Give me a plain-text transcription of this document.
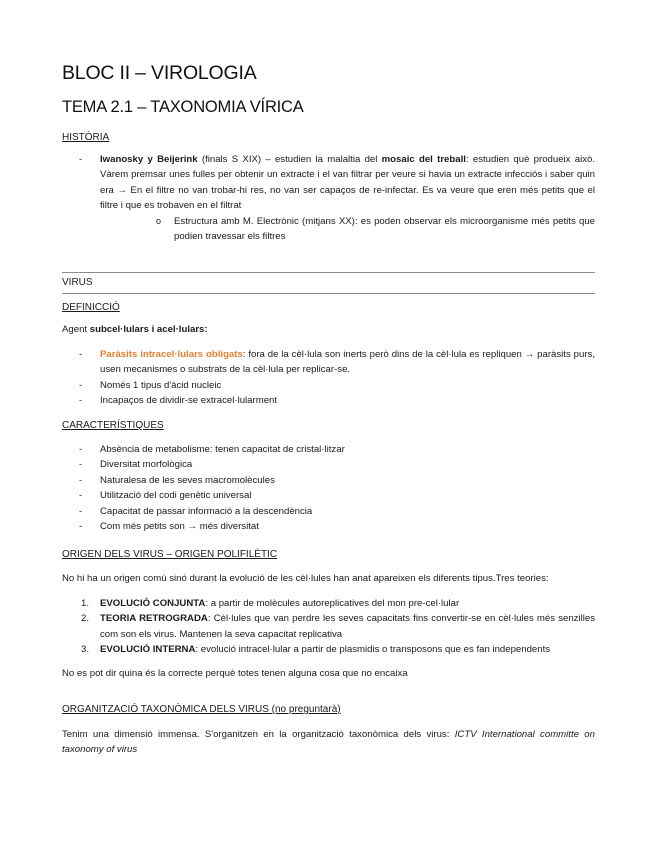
BLOC II – VIROLOGIA
TEMA 2.1 – TAXONOMIA VÍRICA
HISTÒRIA
- Iwanosky y Beijerink (finals S XIX) – estudien la malaltia del mosaic del treball: estudien què produeix això. Vàrem premsar unes fulles per obtenir un extracte i el van filtrar per veure si havia un extracte infecciós i saber quin era → En el filtre no van trobar-hi res, no van ser capaços de re-infectar. Es va veure que eren més petits que el filtre i que es trobaven en el filtrat
o Estructura amb M. Electrònic (mitjans XX): es poden observar els microorganisme més petits que podien travessar els filtres
VIRUS
DEFINICCIÓ
Agent subcel·lulars i acel·lulars:
- Paràsits intracel·lulars obligats: fora de la cèl·lula son inerts però dins de la cèl·lula es repliquen → paràsits purs, usen mecanismes o substrats de la cèl·lula per replicar-se.
- Només 1 tipus d'àcid nucleic
- Incapaços de dividir-se extracel·lularment
CARACTERÍSTIQUES
- Absència de metabolisme: tenen capacitat de cristal·litzar
- Diversitat morfològica
- Naturalesa de les seves macromolècules
- Utilització del codi genètic universal
- Capacitat de passar informació a la descendència
- Com més petits son → més diversitat
ORIGEN DELS VIRUS – ORIGEN POLIFILÈTIC
No hi ha un origen comú sinó durant la evolució de les cèl·lules han anat apareixen els diferents tipus.Tres teories:
1. EVOLUCIÓ CONJUNTA: a partir de molècules autoreplicatives del mon pre-cel·lular
2. TEORIA RETROGRADA: Cèl·lules que van perdre les seves capacitats fins convertir-se en cèl·lules més senzilles com son els virus. Mantenen la seva capacitat replicativa
3. EVOLUCIÓ INTERNA: evolució intracel·lular a partir de plasmidis o transposons que es fan independents
No es pot dir quina és la correcte perquè totes tenen alguna cosa que no encaixa
ORGANITZACIÓ TAXONÒMICA DELS VIRUS (no preguntarà)
Tenim una dimensió immensa. S'organitzen en la organització taxonòmica dels virus: ICTV International committe on taxonomy of virus
